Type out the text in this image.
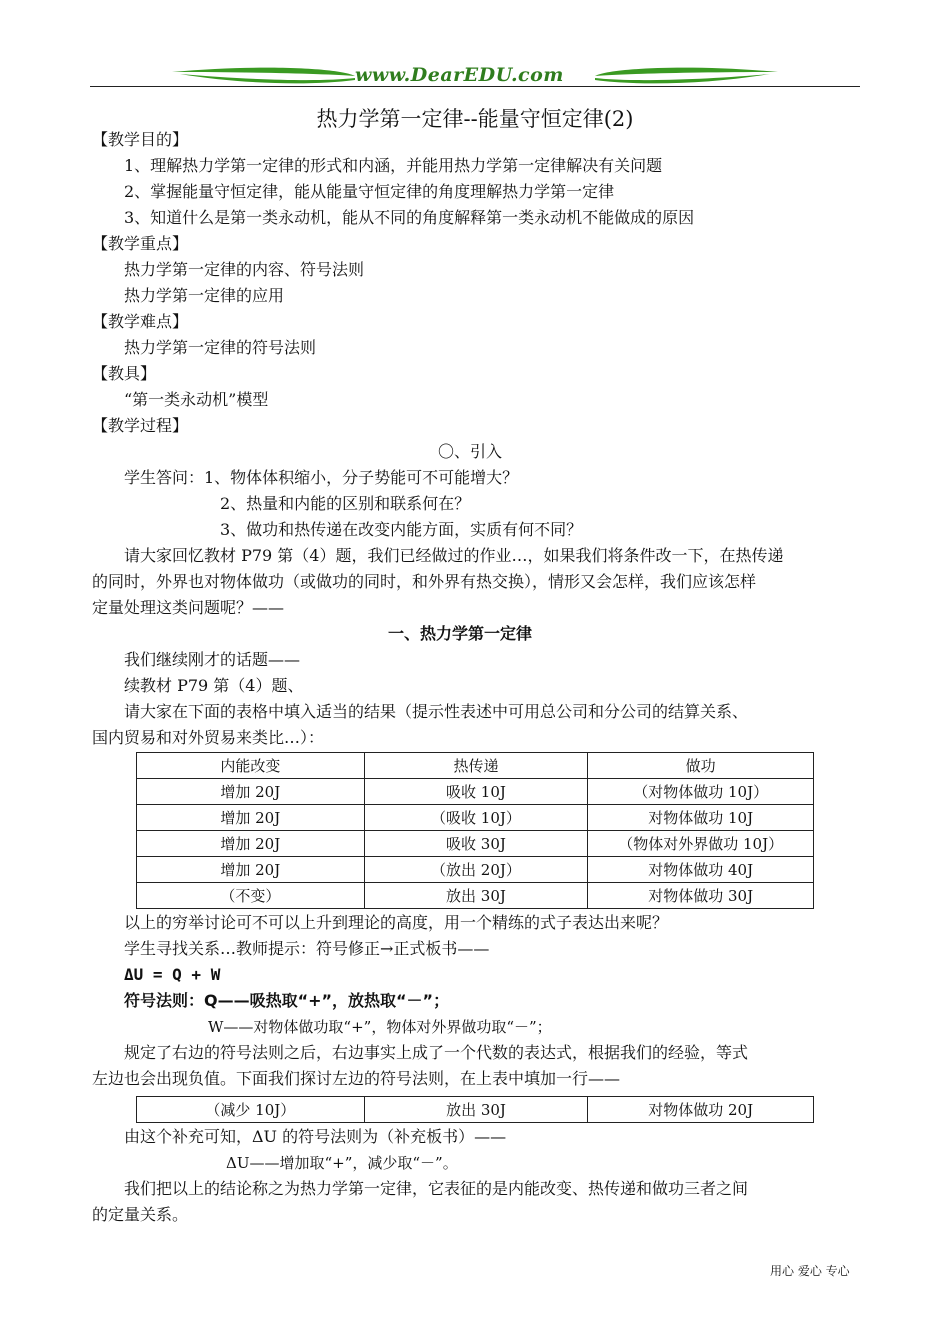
www.DearEDU.com
热力学第一定律--能量守恒定律(2)
【教学目的】
1、理解热力学第一定律的形式和内涵，并能用热力学第一定律解决有关问题
2、掌握能量守恒定律，能从能量守恒定律的角度理解热力学第一定律
3、知道什么是第一类永动机，能从不同的角度解释第一类永动机不能做成的原因
【教学重点】
热力学第一定律的内容、符号法则
热力学第一定律的应用
【教学难点】
热力学第一定律的符号法则
【教具】
“第一类永动机”模型
【教学过程】
〇、引入
学生答问：1、物体体积缩小，分子势能可不可能增大？
2、热量和内能的区别和联系何在？
3、做功和热传递在改变内能方面，实质有何不同？
请大家回忆教材 P79 第（4）题，我们已经做过的作业…，如果我们将条件改一下，在热传递
的同时，外界也对物体做功（或做功的同时，和外界有热交换），情形又会怎样，我们应该怎样
定量处理这类问题呢？——
一、热力学第一定律
我们继续刚才的话题——
续教材 P79 第（4）题、
请大家在下面的表格中填入适当的结果（提示性表述中可用总公司和分公司的结算关系、
国内贸易和对外贸易来类比…）：
内能改变	热传递	做功
增加 20J	吸收 10J	（对物体做功 10J）
增加 20J	（吸收 10J）	对物体做功 10J
增加 20J	吸收 30J	（物体对外界做功 10J）
增加 20J	（放出 20J）	对物体做功 40J
（不变）	放出 30J	对物体做功 30J
以上的穷举讨论可不可以上升到理论的高度，用一个精练的式子表达出来呢？
学生寻找关系…教师提示：符号修正→正式板书——
ΔU = Q + W
符号法则：Q——吸热取“+”，放热取“－”；
W——对物体做功取“+”，物体对外界做功取“－”；
规定了右边的符号法则之后，右边事实上成了一个代数的表达式，根据我们的经验，等式
左边也会出现负值。下面我们探讨左边的符号法则，在上表中填加一行——
（减少 10J）	放出 30J	对物体做功 20J
由这个补充可知，ΔU 的符号法则为（补充板书）——
ΔU——增加取“+”，减少取“－”。
我们把以上的结论称之为热力学第一定律，它表征的是内能改变、热传递和做功三者之间
的定量关系。
用心 爱心 专心
